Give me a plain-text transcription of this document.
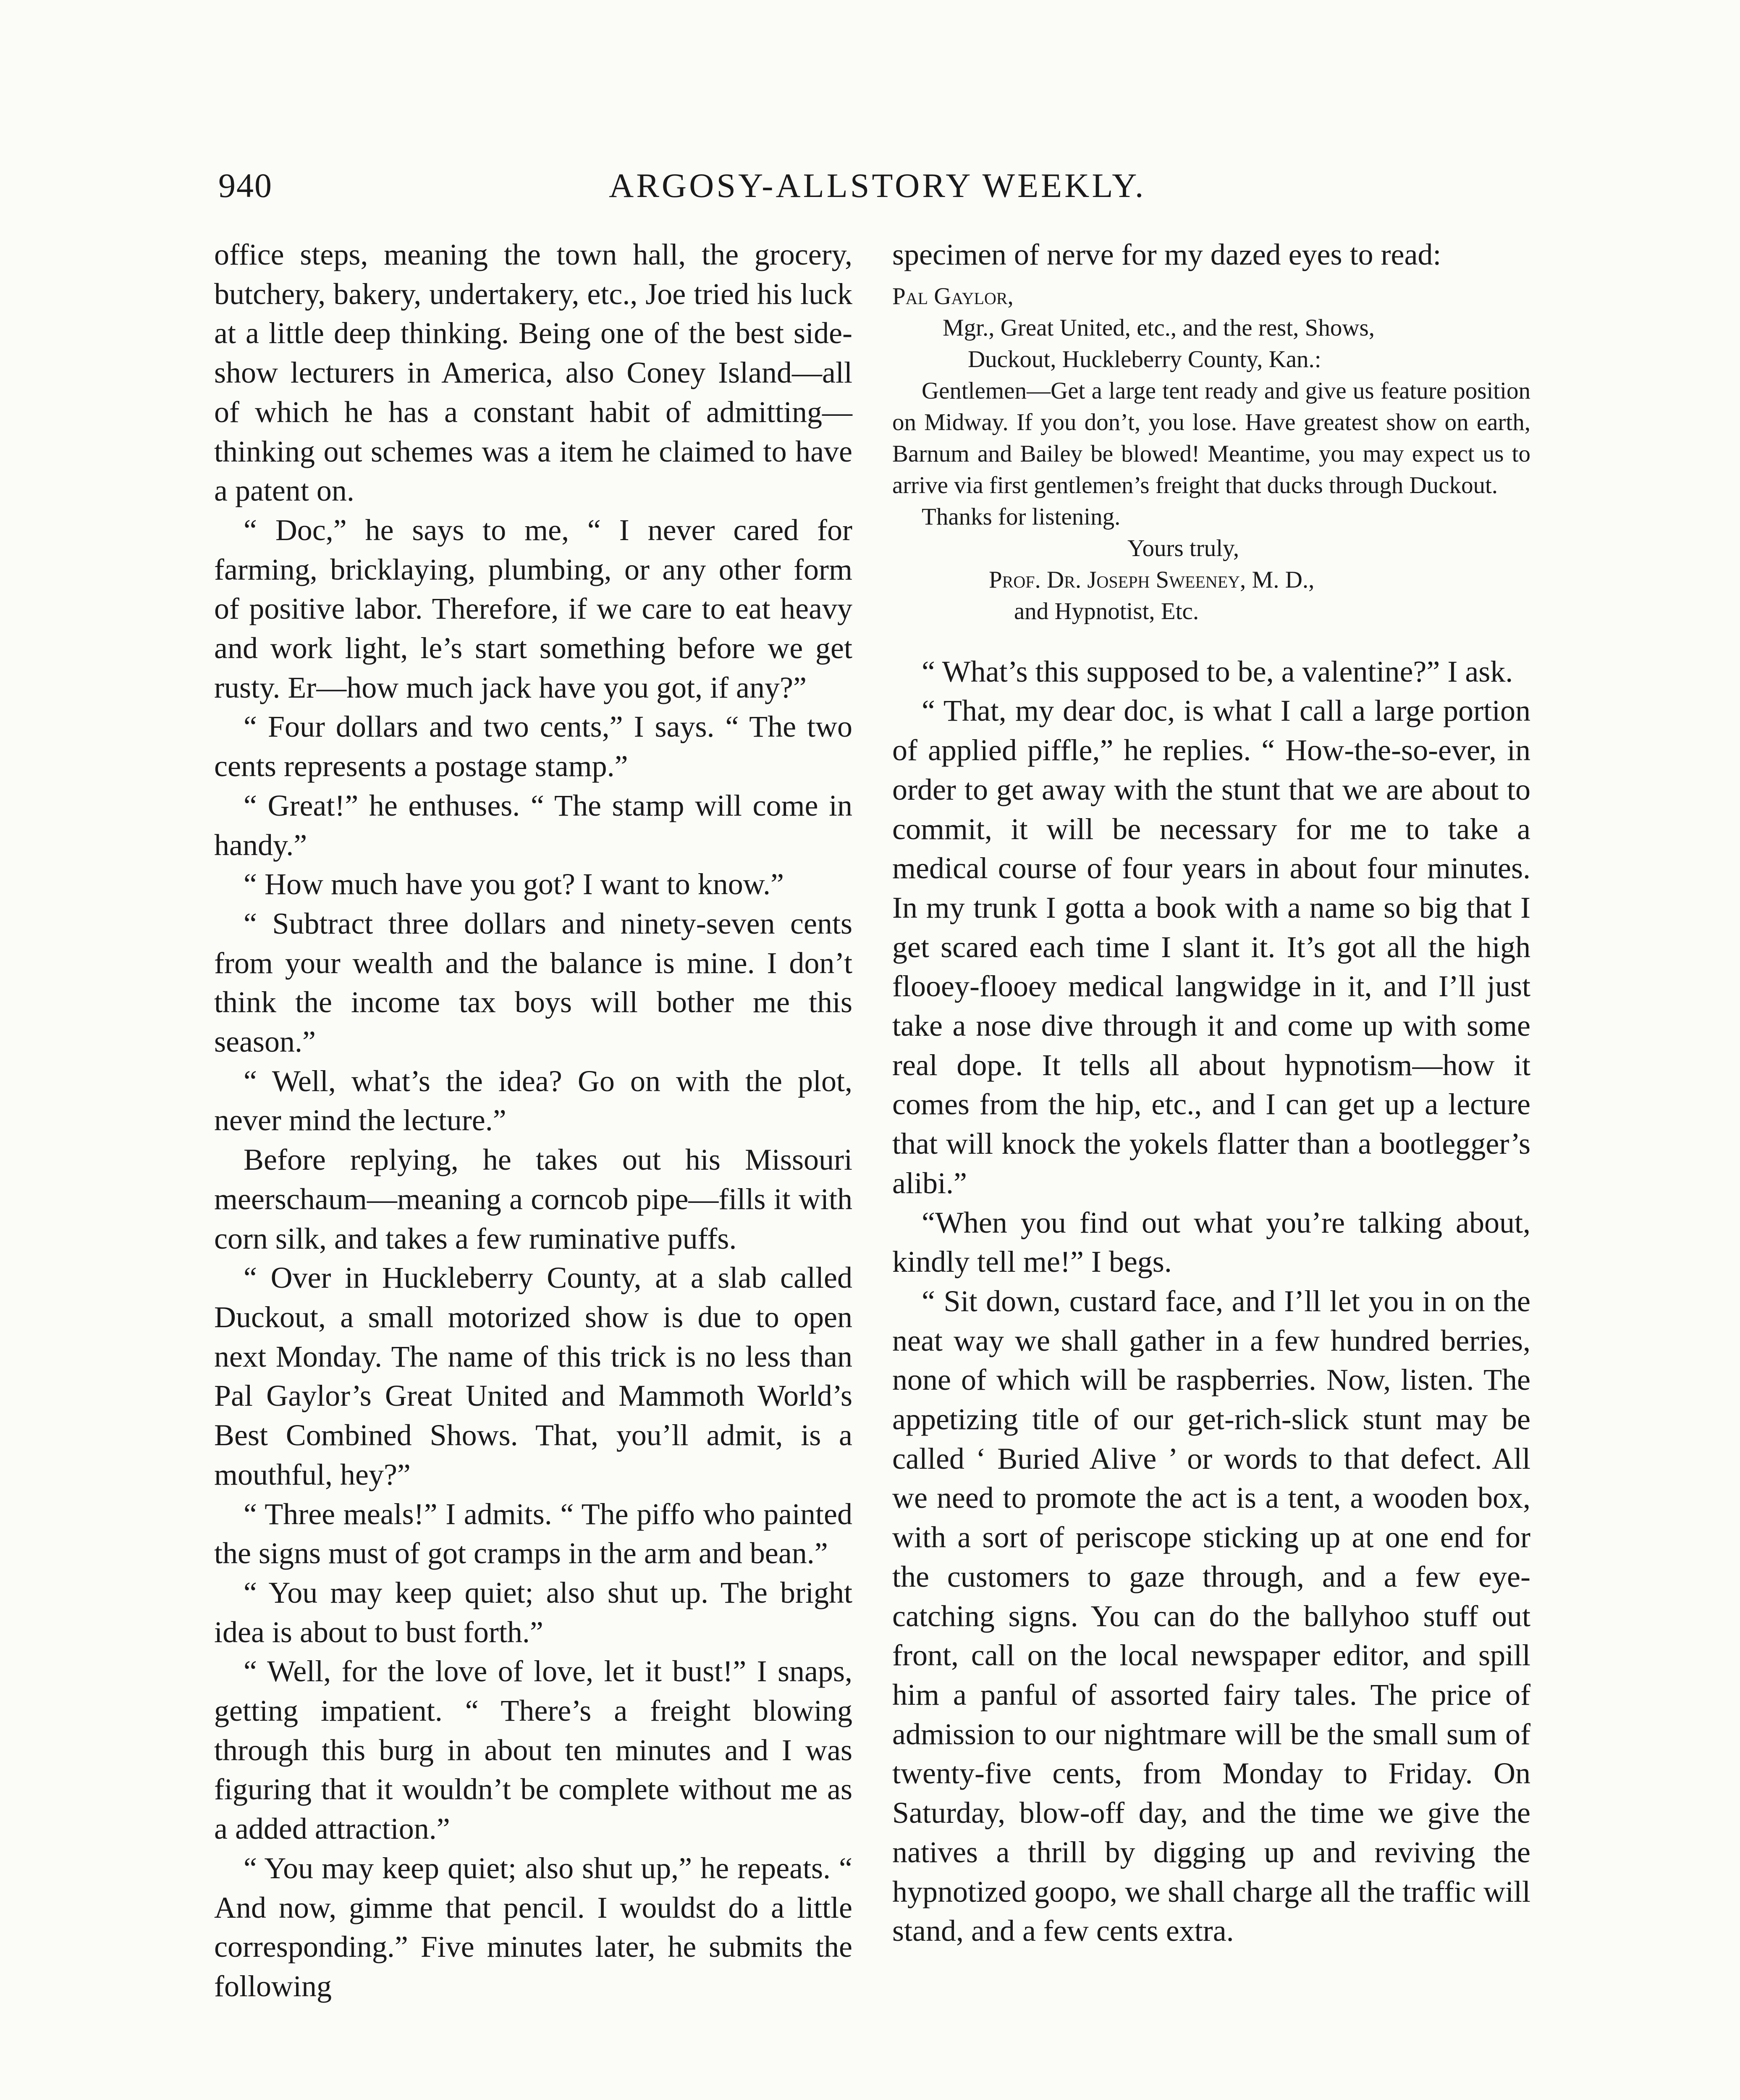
940	ARGOSY-ALLSTORY WEEKLY.

office steps, meaning the town hall, the grocery, butchery, bakery, undertakery, etc., Joe tried his luck at a little deep thinking. Being one of the best side-show lecturers in America, also Coney Island—all of which he has a constant habit of admitting—thinking out schemes was a item he claimed to have a patent on.

“ Doc,” he says to me, “ I never cared for farming, bricklaying, plumbing, or any other form of positive labor. Therefore, if we care to eat heavy and work light, le’s start something before we get rusty. Er—how much jack have you got, if any?”

“ Four dollars and two cents,” I says. “ The two cents represents a postage stamp.”

“ Great!” he enthuses. “ The stamp will come in handy.”

“ How much have you got? I want to know.”

“ Subtract three dollars and ninety-seven cents from your wealth and the balance is mine. I don’t think the income tax boys will bother me this season.”

“ Well, what’s the idea? Go on with the plot, never mind the lecture.”

Before replying, he takes out his Missouri meerschaum—meaning a corncob pipe—fills it with corn silk, and takes a few ruminative puffs.

“ Over in Huckleberry County, at a slab called Duckout, a small motorized show is due to open next Monday. The name of this trick is no less than Pal Gaylor’s Great United and Mammoth World’s Best Combined Shows. That, you’ll admit, is a mouthful, hey?”

“ Three meals!” I admits. “ The piffo who painted the signs must of got cramps in the arm and bean.”

“ You may keep quiet; also shut up. The bright idea is about to bust forth.”

“ Well, for the love of love, let it bust!” I snaps, getting impatient. “ There’s a freight blowing through this burg in about ten minutes and I was figuring that it wouldn’t be complete without me as a added attraction.”

“ You may keep quiet; also shut up,” he repeats. “ And now, gimme that pencil. I wouldst do a little corresponding.” Five minutes later, he submits the following

specimen of nerve for my dazed eyes to read:

Pal Gaylor,
Mgr., Great United, etc., and the rest, Shows,
Duckout, Huckleberry County, Kan.:
Gentlemen—Get a large tent ready and give us feature position on Midway. If you don’t, you lose. Have greatest show on earth, Barnum and Bailey be blowed! Meantime, you may expect us to arrive via first gentlemen’s freight that ducks through Duckout.
Thanks for listening.
Yours truly,
Prof. Dr. Joseph Sweeney, M. D.,
and Hypnotist, Etc.

“ What’s this supposed to be, a valentine?” I ask.

“ That, my dear doc, is what I call a large portion of applied piffle,” he replies. “ How-the-so-ever, in order to get away with the stunt that we are about to commit, it will be necessary for me to take a medical course of four years in about four minutes. In my trunk I gotta a book with a name so big that I get scared each time I slant it. It’s got all the high flooey-flooey medical langwidge in it, and I’ll just take a nose dive through it and come up with some real dope. It tells all about hypnotism—how it comes from the hip, etc., and I can get up a lecture that will knock the yokels flatter than a bootlegger’s alibi.”

“When you find out what you’re talking about, kindly tell me!” I begs.

“ Sit down, custard face, and I’ll let you in on the neat way we shall gather in a few hundred berries, none of which will be raspberries. Now, listen. The appetizing title of our get-rich-slick stunt may be called ‘ Buried Alive ’ or words to that defect. All we need to promote the act is a tent, a wooden box, with a sort of periscope sticking up at one end for the customers to gaze through, and a few eye-catching signs. You can do the ballyhoo stuff out front, call on the local newspaper editor, and spill him a panful of assorted fairy tales. The price of admission to our nightmare will be the small sum of twenty-five cents, from Monday to Friday. On Saturday, blow-off day, and the time we give the natives a thrill by digging up and reviving the hypnotized goopo, we shall charge all the traffic will stand, and a few cents extra.
